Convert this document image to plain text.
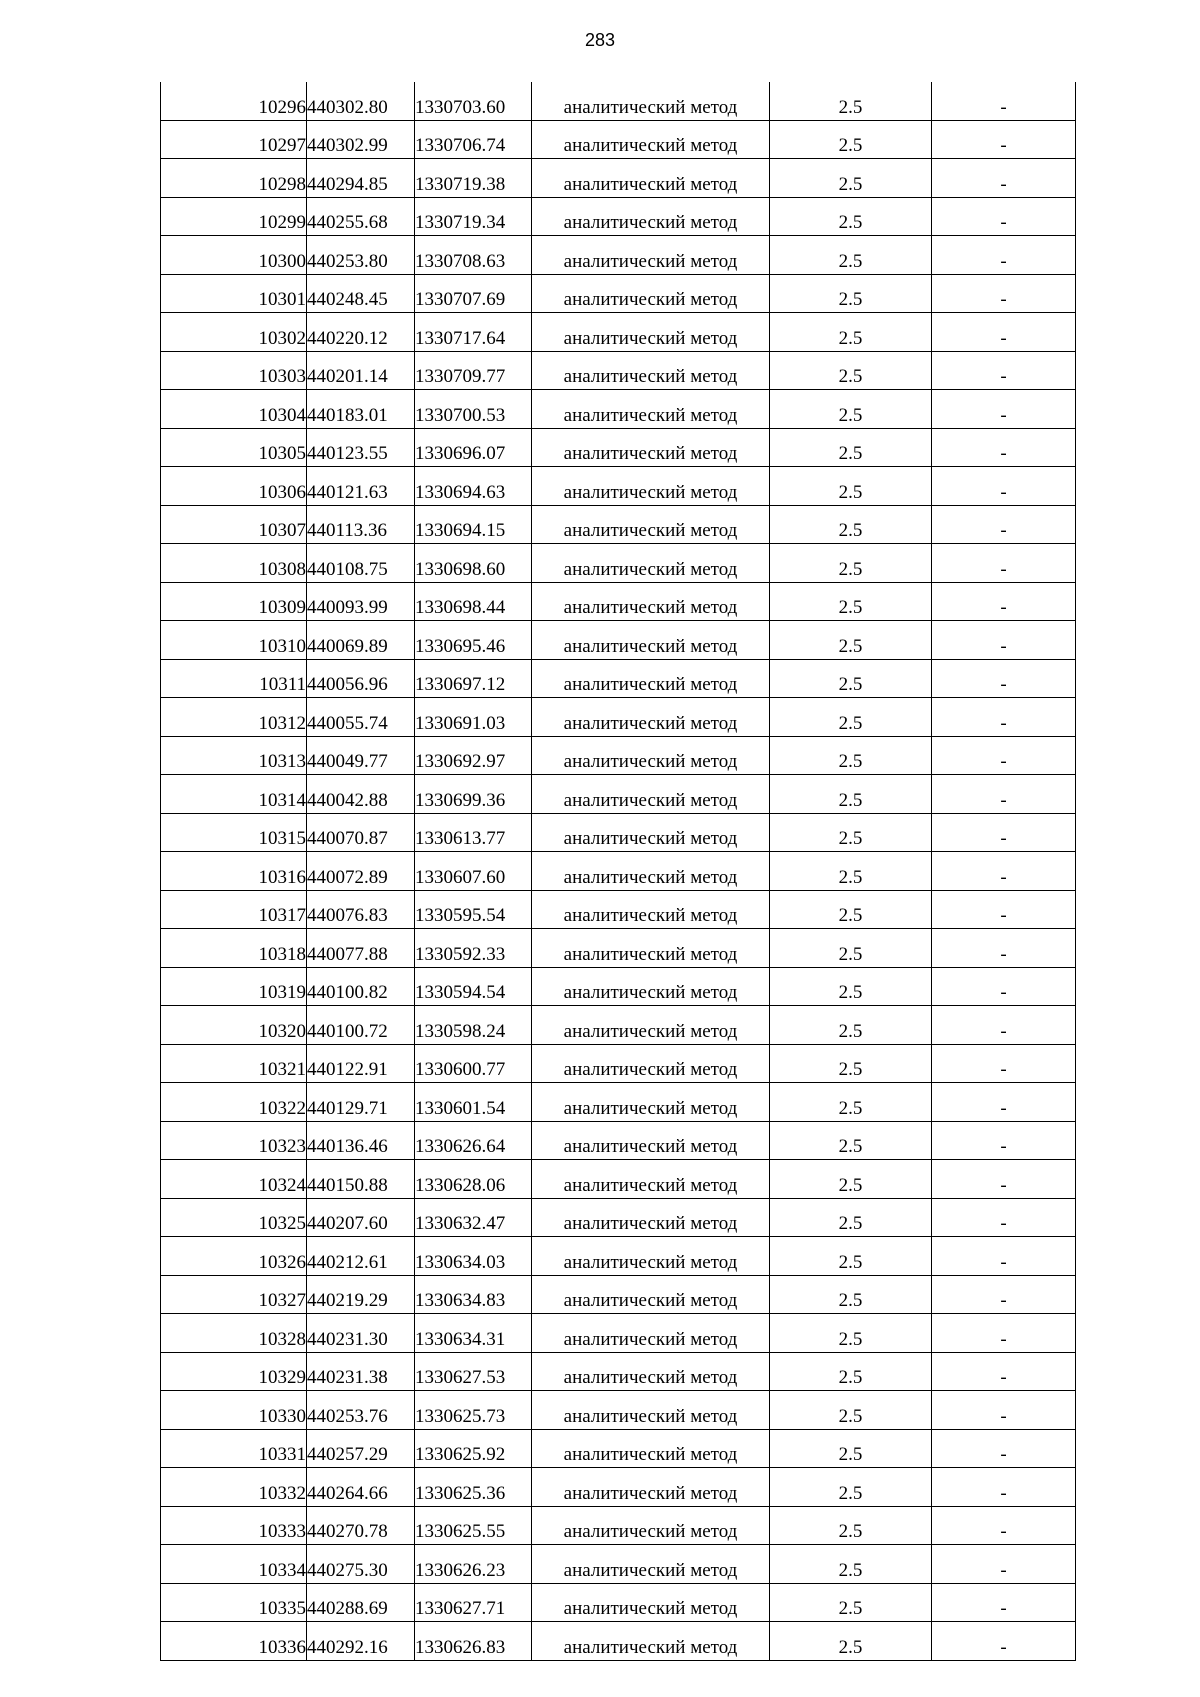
283
10296	440302.80	1330703.60	аналитический метод	2.5	-
10297	440302.99	1330706.74	аналитический метод	2.5	-
10298	440294.85	1330719.38	аналитический метод	2.5	-
10299	440255.68	1330719.34	аналитический метод	2.5	-
10300	440253.80	1330708.63	аналитический метод	2.5	-
10301	440248.45	1330707.69	аналитический метод	2.5	-
10302	440220.12	1330717.64	аналитический метод	2.5	-
10303	440201.14	1330709.77	аналитический метод	2.5	-
10304	440183.01	1330700.53	аналитический метод	2.5	-
10305	440123.55	1330696.07	аналитический метод	2.5	-
10306	440121.63	1330694.63	аналитический метод	2.5	-
10307	440113.36	1330694.15	аналитический метод	2.5	-
10308	440108.75	1330698.60	аналитический метод	2.5	-
10309	440093.99	1330698.44	аналитический метод	2.5	-
10310	440069.89	1330695.46	аналитический метод	2.5	-
10311	440056.96	1330697.12	аналитический метод	2.5	-
10312	440055.74	1330691.03	аналитический метод	2.5	-
10313	440049.77	1330692.97	аналитический метод	2.5	-
10314	440042.88	1330699.36	аналитический метод	2.5	-
10315	440070.87	1330613.77	аналитический метод	2.5	-
10316	440072.89	1330607.60	аналитический метод	2.5	-
10317	440076.83	1330595.54	аналитический метод	2.5	-
10318	440077.88	1330592.33	аналитический метод	2.5	-
10319	440100.82	1330594.54	аналитический метод	2.5	-
10320	440100.72	1330598.24	аналитический метод	2.5	-
10321	440122.91	1330600.77	аналитический метод	2.5	-
10322	440129.71	1330601.54	аналитический метод	2.5	-
10323	440136.46	1330626.64	аналитический метод	2.5	-
10324	440150.88	1330628.06	аналитический метод	2.5	-
10325	440207.60	1330632.47	аналитический метод	2.5	-
10326	440212.61	1330634.03	аналитический метод	2.5	-
10327	440219.29	1330634.83	аналитический метод	2.5	-
10328	440231.30	1330634.31	аналитический метод	2.5	-
10329	440231.38	1330627.53	аналитический метод	2.5	-
10330	440253.76	1330625.73	аналитический метод	2.5	-
10331	440257.29	1330625.92	аналитический метод	2.5	-
10332	440264.66	1330625.36	аналитический метод	2.5	-
10333	440270.78	1330625.55	аналитический метод	2.5	-
10334	440275.30	1330626.23	аналитический метод	2.5	-
10335	440288.69	1330627.71	аналитический метод	2.5	-
10336	440292.16	1330626.83	аналитический метод	2.5	-
